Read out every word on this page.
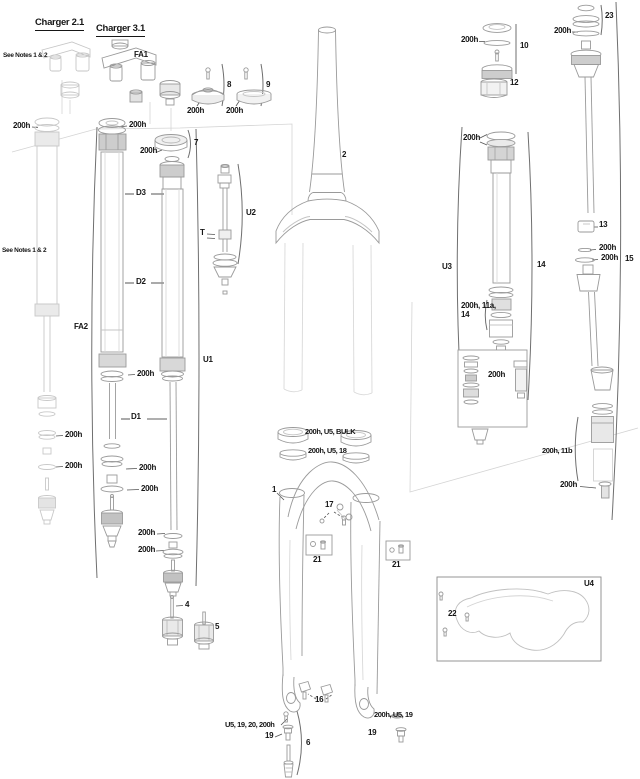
Charger 2.1
Charger 3.1
See Notes 1 & 2
See Notes 1 & 2
FA1
200h	200h
200h	200h
8	9
200h
7
D3
2
U2
T
D2
FA2
U1
200h
D1
200h
200h	200h
200h
200h
200h
4
5
200h, U5, BULK
200h, U5, 18
1
17
21
21
16
U5, 19, 20, 200h
19
6
200h, U5, 19
19
U3
200h
14
200h, 11a, 14
200h
200h, 11b
200h
13
200h
200h 15
200h
10
12
200h
23
U4
22
